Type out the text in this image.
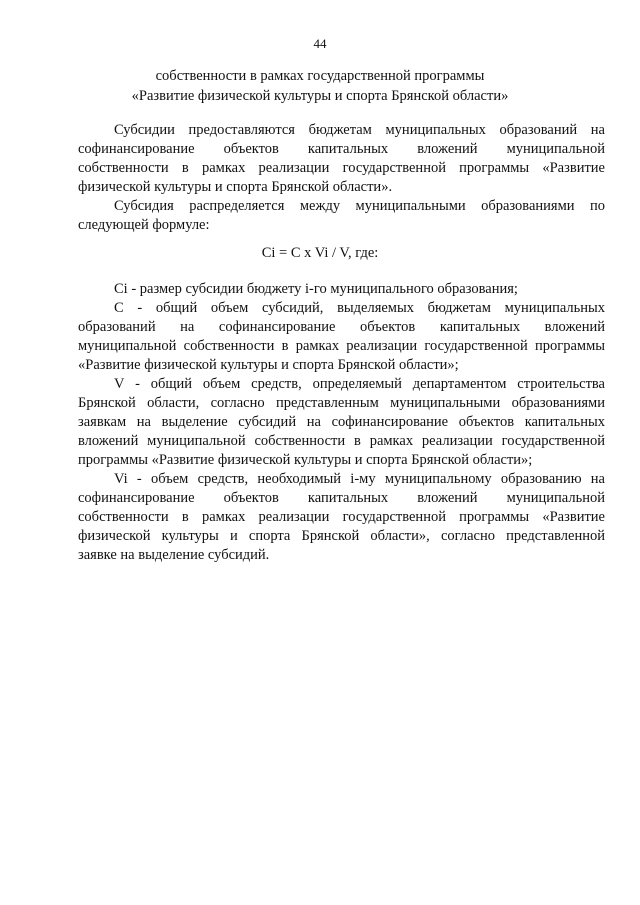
44
собственности в рамках государственной программы
«Развитие физической культуры и спорта Брянской области»
Субсидии предоставляются бюджетам муниципальных образований на
софинансирование объектов капитальных вложений муниципальной
собственности в рамках реализации государственной программы «Развитие
физической культуры и спорта Брянской области».
Субсидия распределяется между муниципальными образованиями по
следующей формуле:
Ci = C x Vi / V, где:
Ci - размер субсидии бюджету i-го муниципального образования;
C - общий объем субсидий, выделяемых бюджетам муниципальных
образований на софинансирование объектов капитальных вложений
муниципальной собственности в рамках реализации государственной программы
«Развитие физической культуры и спорта Брянской области»;
V - общий объем средств, определяемый департаментом строительства
Брянской области, согласно представленным муниципальными образованиями
заявкам на выделение субсидий на софинансирование объектов капитальных
вложений муниципальной собственности в рамках реализации государственной
программы «Развитие физической культуры и спорта Брянской области»;
Vi - объем средств, необходимый i-му муниципальному образованию на
софинансирование объектов капитальных вложений муниципальной
собственности в рамках реализации государственной программы «Развитие
физической культуры и спорта Брянской области», согласно представленной
заявке на выделение субсидий.
